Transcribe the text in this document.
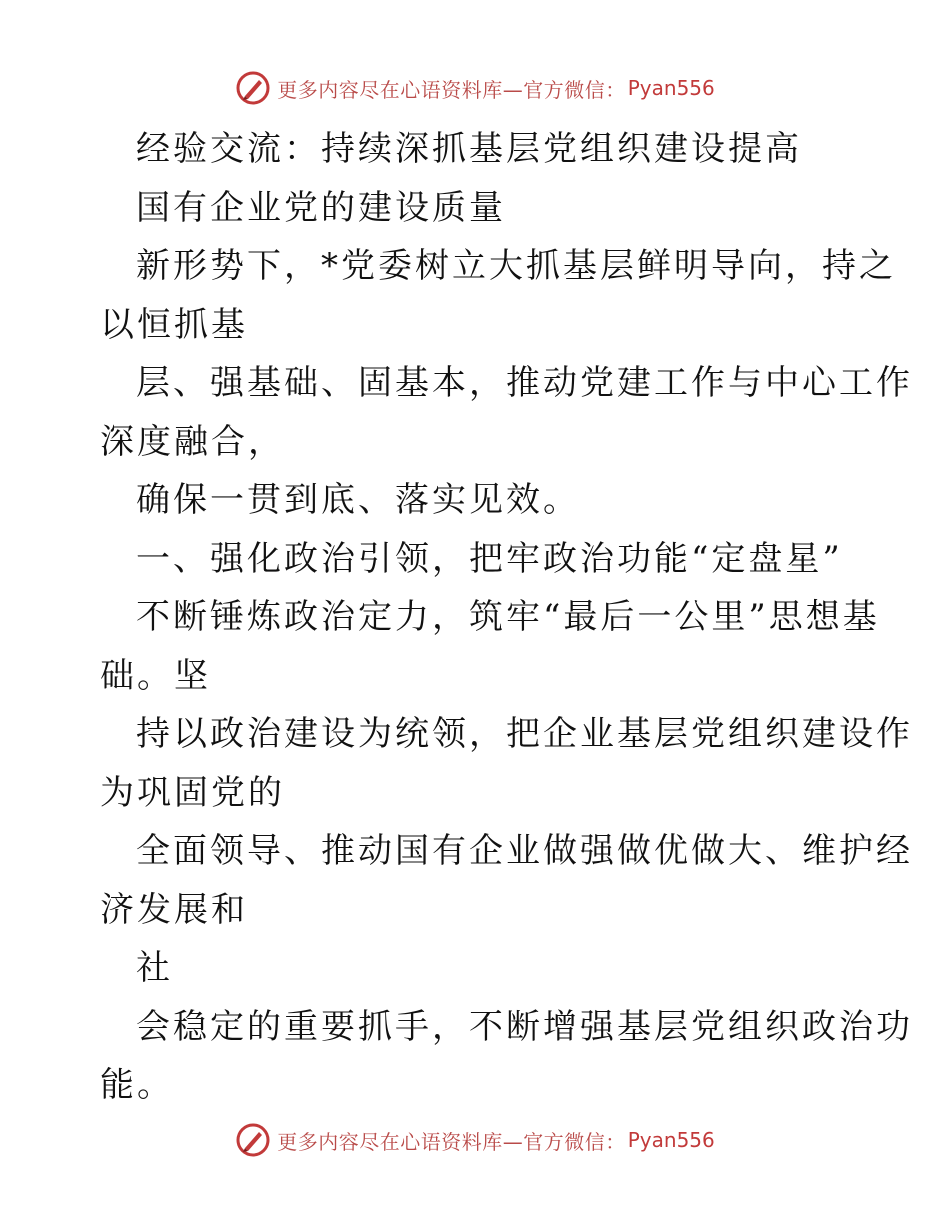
更多内容尽在心语资料库—官方微信： Pyan556
经验交流：持续深抓基层党组织建设提高
国有企业党的建设质量
新形势下，*党委树立大抓基层鲜明导向，持之
以恒抓基
层、强基础、固基本，推动党建工作与中心工作
深度融合，
确保一贯到底、落实见效。
一、强化政治引领，把牢政治功能“定盘星”
不断锤炼政治定力，筑牢“最后一公里”思想基
础。坚
持以政治建设为统领，把企业基层党组织建设作
为巩固党的
全面领导、推动国有企业做强做优做大、维护经
济发展和
社
会稳定的重要抓手，不断增强基层党组织政治功
能。
更多内容尽在心语资料库—官方微信： Pyan556
